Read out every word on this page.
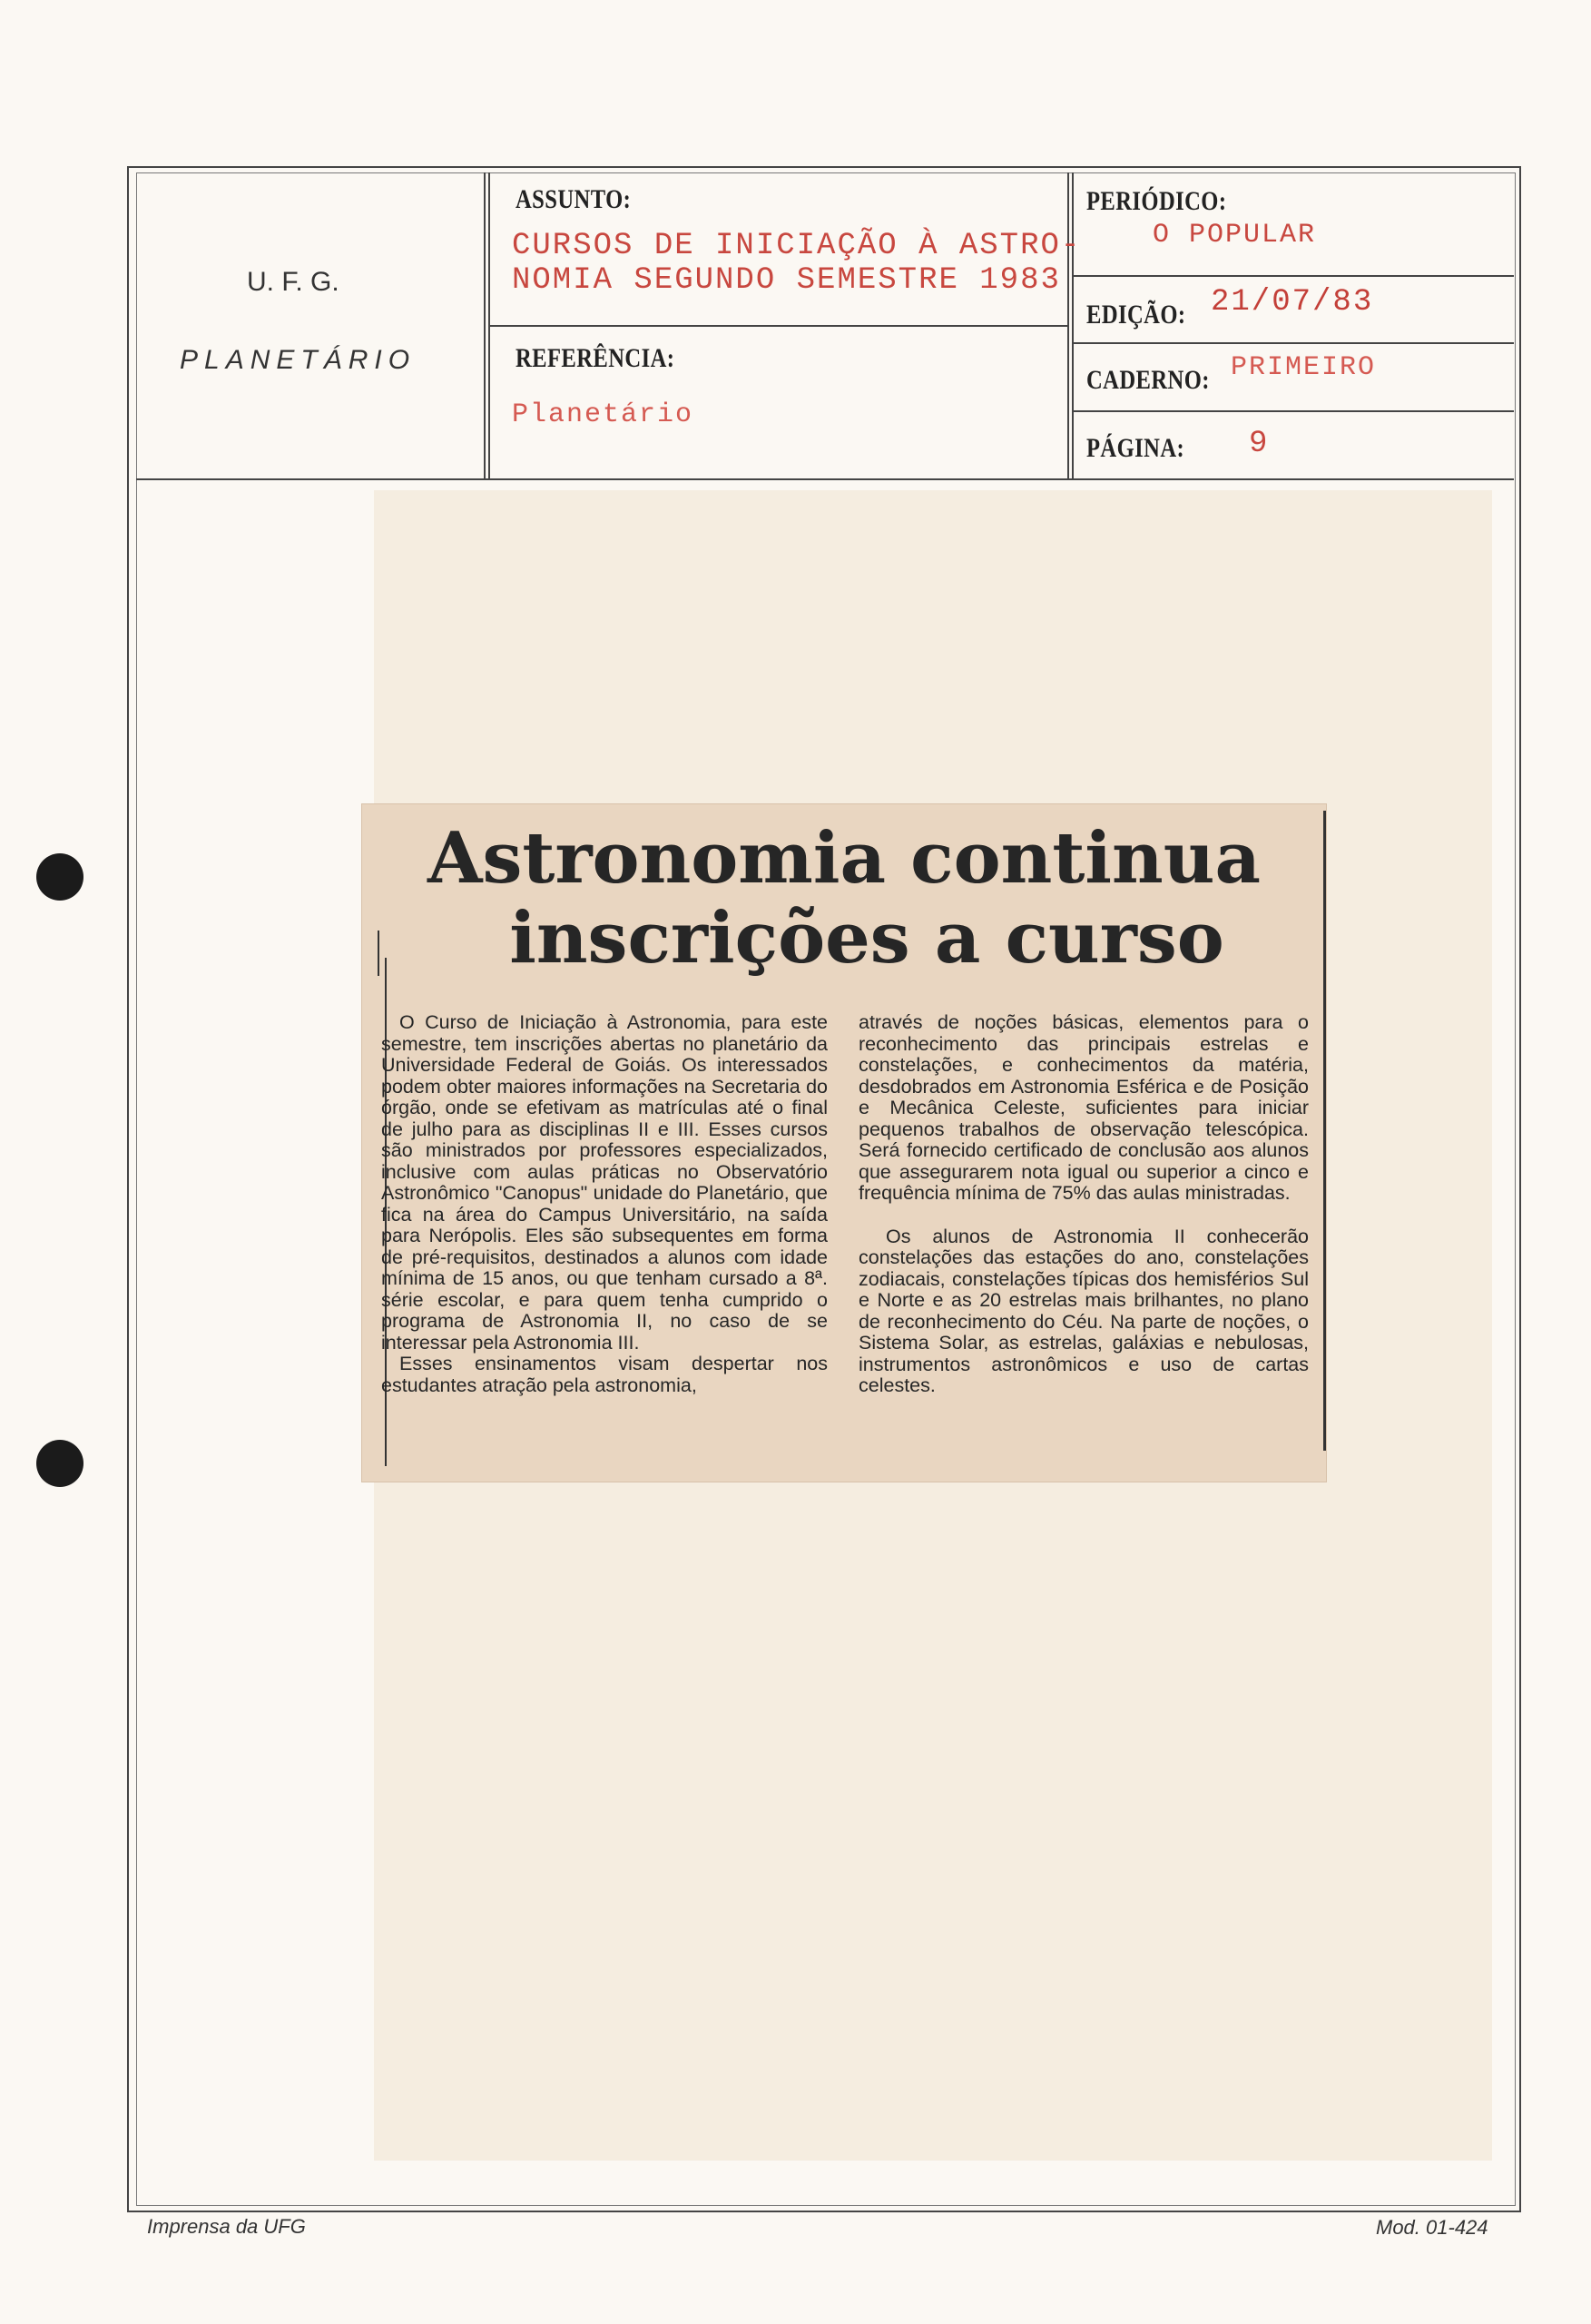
U. F. G.
PLANETÁRIO
ASSUNTO:
CURSOS DE INICIAÇÃO À ASTRO-
NOMIA SEGUNDO SEMESTRE 1983
REFERÊNCIA:
Planetário
PERIÓDICO:
O POPULAR
EDIÇÃO: 21/07/83
CADERNO: PRIMEIRO
PÁGINA: 9
Astronomia continua
inscrições a curso

O Curso de Iniciação à Astronomia, para este semestre, tem inscrições abertas no planetário da Universidade Federal de Goiás. Os interessados podem obter maiores informações na Secretaria do órgão, onde se efetivam as matrículas até o final de julho para as disciplinas II e III. Esses cursos são ministrados por professores especializados, inclusive com aulas práticas no Observatório Astronômico "Canopus" unidade do Planetário, que fica na área do Campus Universitário, na saída para Nerópolis. Eles são subsequentes em forma de pré-requisitos, destinados a alunos com idade mínima de 15 anos, ou que tenham cursado a 8ª. série escolar, e para quem tenha cumprido o programa de Astronomia II, no caso de se interessar pela Astronomia III.

Esses ensinamentos visam despertar nos estudantes atração pela astronomia,

através de noções básicas, elementos para o reconhecimento das principais estrelas e constelações, e conhecimentos da matéria, desdobrados em Astronomia Esférica e de Posição e Mecânica Celeste, suficientes para iniciar pequenos trabalhos de observação telescópica. Será fornecido certificado de conclusão aos alunos que assegurarem nota igual ou superior a cinco e frequência mínima de 75% das aulas ministradas.

Os alunos de Astronomia II conhecerão constelações das estações do ano, constelações zodiacais, constelações típicas dos hemisférios Sul e Norte e as 20 estrelas mais brilhantes, no plano de reconhecimento do Céu. Na parte de noções, o Sistema Solar, as estrelas, galáxias e nebulosas, instrumentos astronômicos e uso de cartas celestes.

Imprensa da UFG	Mod. 01-424
